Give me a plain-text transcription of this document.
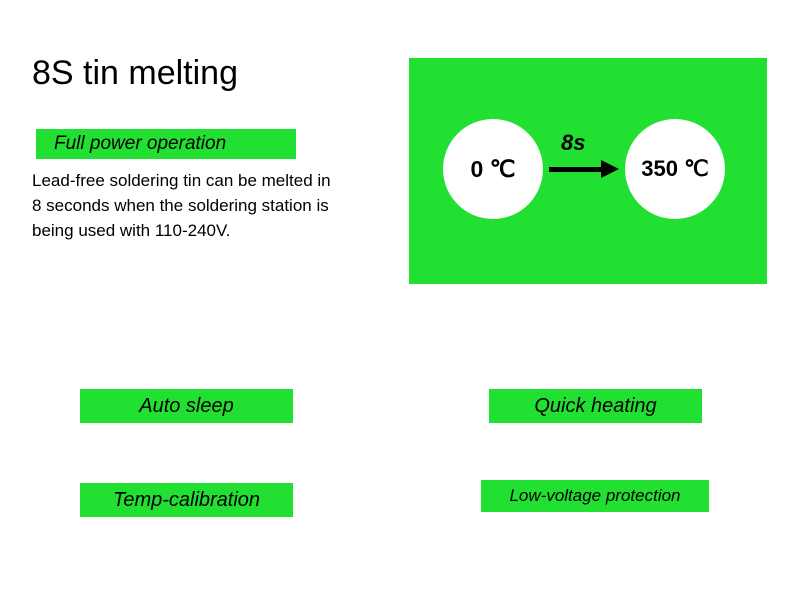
8S tin melting
Full power operation
Lead-free soldering tin can be melted in 8 seconds when the soldering station is being used with 110-240V.
0 ℃
8s
350 ℃
Auto sleep	Quick heating
Temp-calibration	Low-voltage protection
